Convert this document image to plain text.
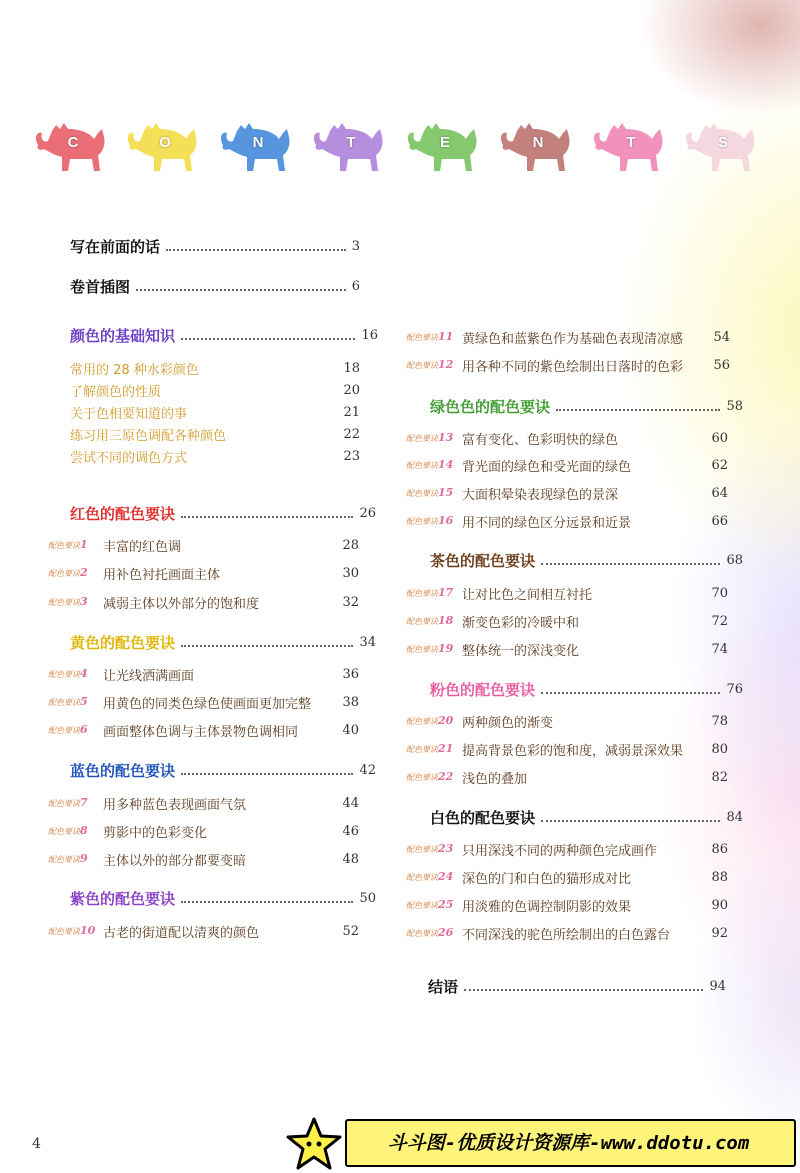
C	O	N	T	E	N	T	S
写在前面的话	3
卷首插图	6
颜色的基础知识	16
常用的 28 种水彩颜色	18
了解颜色的性质	20
关于色相要知道的事	21
练习用三原色调配各种颜色	22
尝试不同的调色方式	23
红色的配色要诀	26
配色要诀1	丰富的红色调	28
配色要诀2	用补色衬托画面主体	30
配色要诀3	减弱主体以外部分的饱和度	32
黄色的配色要诀	34
配色要诀4	让光线洒满画面	36
配色要诀5	用黄色的同类色绿色使画面更加完整	38
配色要诀6	画面整体色调与主体景物色调相同	40
蓝色的配色要诀	42
配色要诀7	用多种蓝色表现画面气氛	44
配色要诀8	剪影中的色彩变化	46
配色要诀9	主体以外的部分都要变暗	48
紫色的配色要诀	50
配色要诀10 古老的街道配以清爽的颜色	52
配色要诀11 黄绿色和蓝紫色作为基础色表现清凉感	54
配色要诀12 用各种不同的紫色绘制出日落时的色彩	56
绿色色的配色要诀	58
配色要诀13 富有变化、色彩明快的绿色	60
配色要诀14 背光面的绿色和受光面的绿色	62
配色要诀15 大面积晕染表现绿色的景深	64
配色要诀16 用不同的绿色区分远景和近景	66
茶色的配色要诀	68
配色要诀17 让对比色之间相互衬托	70
配色要诀18 渐变色彩的冷暖中和	72
配色要诀19 整体统一的深浅变化	74
粉色的配色要诀	76
配色要诀20 两种颜色的渐变	78
配色要诀21 提高背景色彩的饱和度，减弱景深效果	80
配色要诀22 浅色的叠加	82
白色的配色要诀	84
配色要诀23 只用深浅不同的两种颜色完成画作	86
配色要诀24 深色的门和白色的猫形成对比	88
配色要诀25 用淡雅的色调控制阴影的效果	90
配色要诀26 不同深浅的驼色所绘制出的白色露台	92
结语	94
4	斗斗图-优质设计资源库-www.ddotu.com
